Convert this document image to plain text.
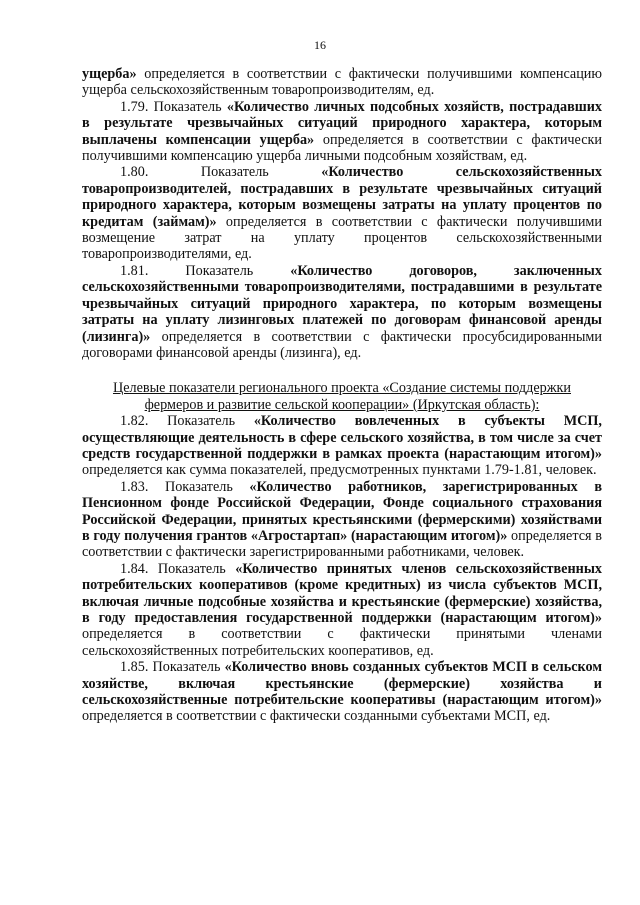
16

ущерба» определяется в соответствии с фактически получившими компенсацию ущерба сельскохозяйственным товаропроизводителям, ед.

1.79. Показатель «Количество личных подсобных хозяйств, пострадавших в результате чрезвычайных ситуаций природного характера, которым выплачены компенсации ущерба» определяется в соответствии с фактически получившими компенсацию ущерба личными подсобным хозяйствам, ед.

1.80. Показатель «Количество сельскохозяйственных товаропроизводителей, пострадавших в результате чрезвычайных ситуаций природного характера, которым возмещены затраты на уплату процентов по кредитам (займам)» определяется в соответствии с фактически получившими возмещение затрат на уплату процентов сельскохозяйственными товаропроизводителями, ед.

1.81. Показатель «Количество договоров, заключенных сельскохозяйственными товаропроизводителями, пострадавшими в результате чрезвычайных ситуаций природного характера, по которым возмещены затраты на уплату лизинговых платежей по договорам финансовой аренды (лизинга)» определяется в соответствии с фактически просубсидированными договорами финансовой аренды (лизинга), ед.

Целевые показатели регионального проекта «Создание системы поддержки фермеров и развитие сельской кооперации» (Иркутская область):

1.82. Показатель «Количество вовлеченных в субъекты МСП, осуществляющие деятельность в сфере сельского хозяйства, в том числе за счет средств государственной поддержки в рамках проекта (нарастающим итогом)» определяется как сумма показателей, предусмотренных пунктами 1.79-1.81, человек.

1.83. Показатель «Количество работников, зарегистрированных в Пенсионном фонде Российской Федерации, Фонде социального страхования Российской Федерации, принятых крестьянскими (фермерскими) хозяйствами в году получения грантов «Агростартап» (нарастающим итогом)» определяется в соответствии с фактически зарегистрированными работниками, человек.

1.84. Показатель «Количество принятых членов сельскохозяйственных потребительских кооперативов (кроме кредитных) из числа субъектов МСП, включая личные подсобные хозяйства и крестьянские (фермерские) хозяйства, в году предоставления государственной поддержки (нарастающим итогом)» определяется в соответствии с фактически принятыми членами сельскохозяйственных потребительских кооперативов, ед.

1.85. Показатель «Количество вновь созданных субъектов МСП в сельском хозяйстве, включая крестьянские (фермерские) хозяйства и сельскохозяйственные потребительские кооперативы (нарастающим итогом)» определяется в соответствии с фактически созданными субъектами МСП, ед.
